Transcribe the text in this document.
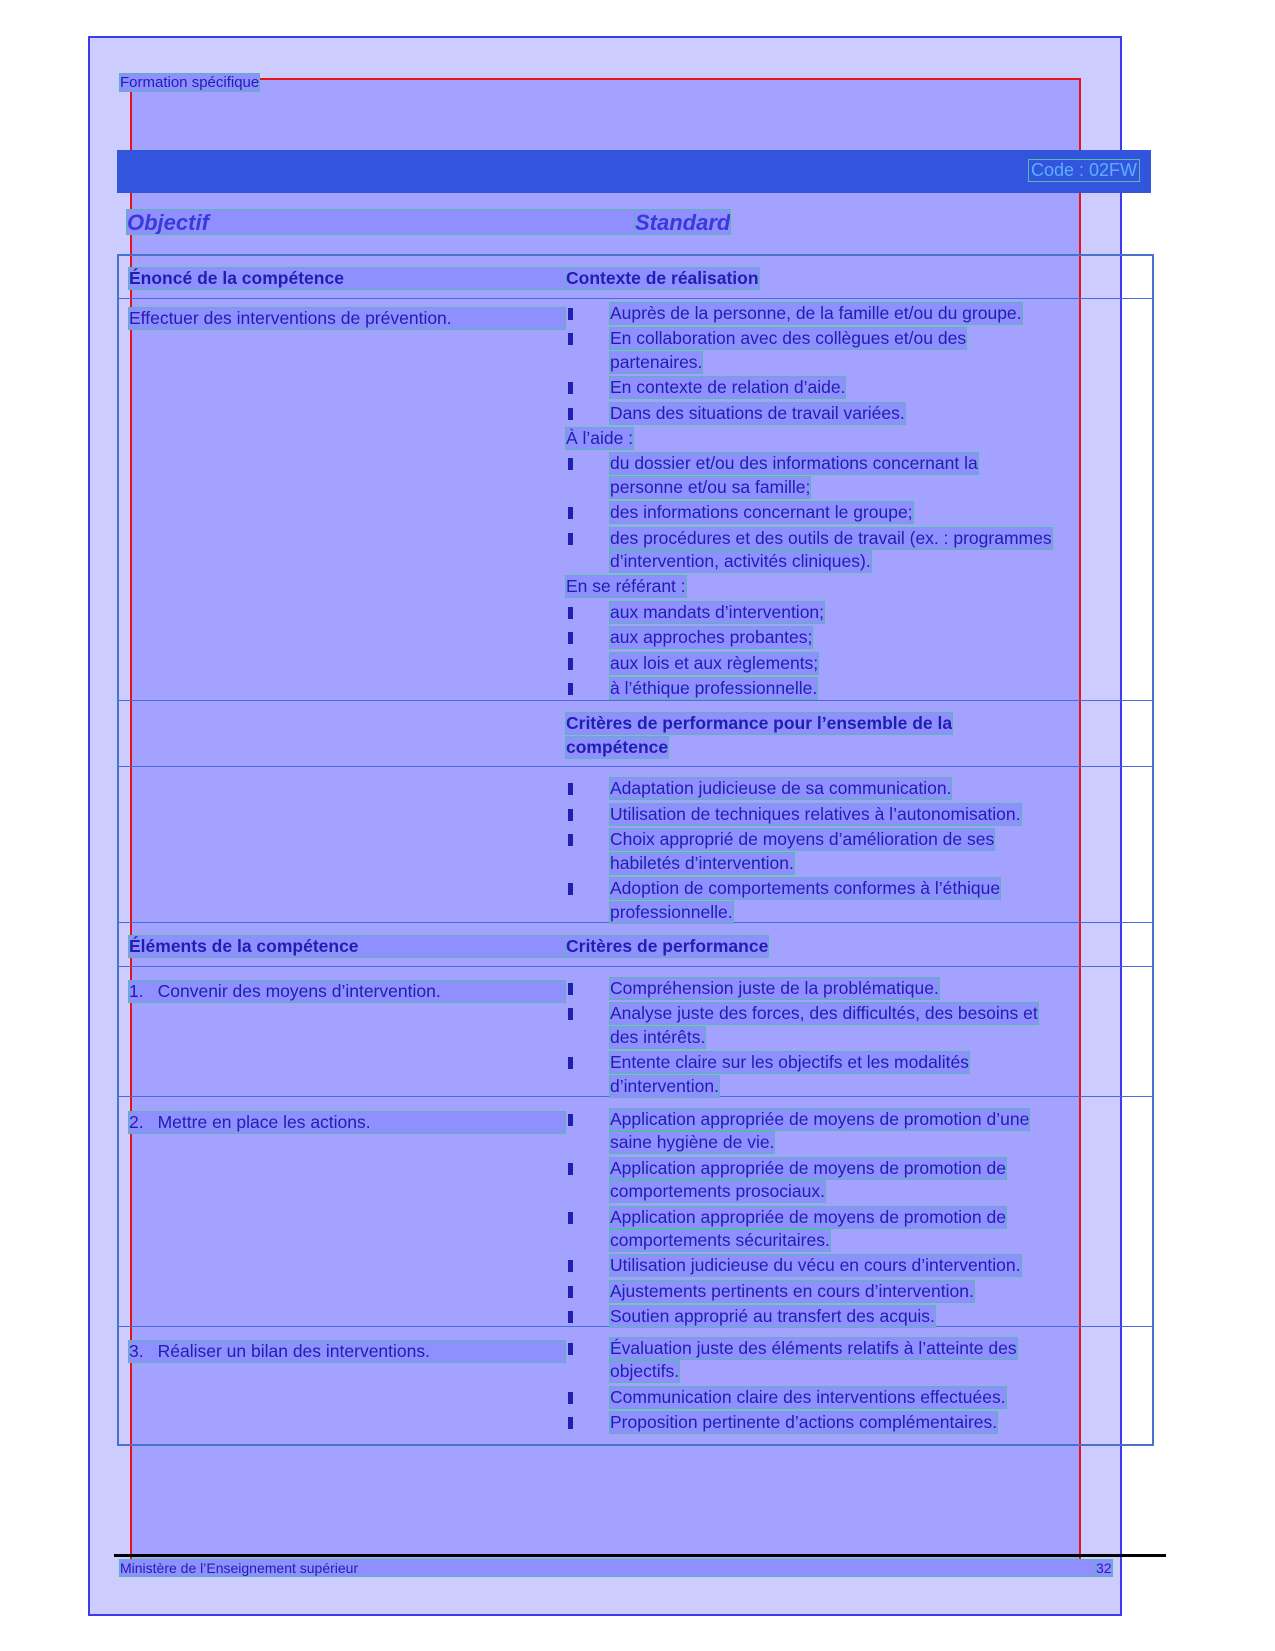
Formation spécifique
Code : 02FW
Objectif	Standard
Énoncé de la compétence	Contexte de réalisation
Effectuer des interventions de prévention.	Auprès de la personne, de la famille et/ou du groupe.
En collaboration avec des collègues et/ou des
partenaires.
En contexte de relation d’aide.
Dans des situations de travail variées.
À l’aide :
du dossier et/ou des informations concernant la
personne et/ou sa famille;
des informations concernant le groupe;
des procédures et des outils de travail (ex. : programmes
d’intervention, activités cliniques).
En se référant :
aux mandats d’intervention;
aux approches probantes;
aux lois et aux règlements;
à l’éthique professionnelle.
Critères de performance pour l’ensemble de la
compétence
Adaptation judicieuse de sa communication.
Utilisation de techniques relatives à l’autonomisation.
Choix approprié de moyens d’amélioration de ses
habiletés d’intervention.
Adoption de comportements conformes à l’éthique
professionnelle.
Éléments de la compétence	Critères de performance
1. Convenir des moyens d’intervention.	Compréhension juste de la problématique.
Analyse juste des forces, des difficultés, des besoins et
des intérêts.
Entente claire sur les objectifs et les modalités
d’intervention.
2. Mettre en place les actions.	Application appropriée de moyens de promotion d’une
saine hygiène de vie.
Application appropriée de moyens de promotion de
comportements prosociaux.
Application appropriée de moyens de promotion de
comportements sécuritaires.
Utilisation judicieuse du vécu en cours d’intervention.
Ajustements pertinents en cours d’intervention.
Soutien approprié au transfert des acquis.
3. Réaliser un bilan des interventions.	Évaluation juste des éléments relatifs à l’atteinte des
objectifs.
Communication claire des interventions effectuées.
Proposition pertinente d’actions complémentaires.
Ministère de l’Enseignement supérieur	32
